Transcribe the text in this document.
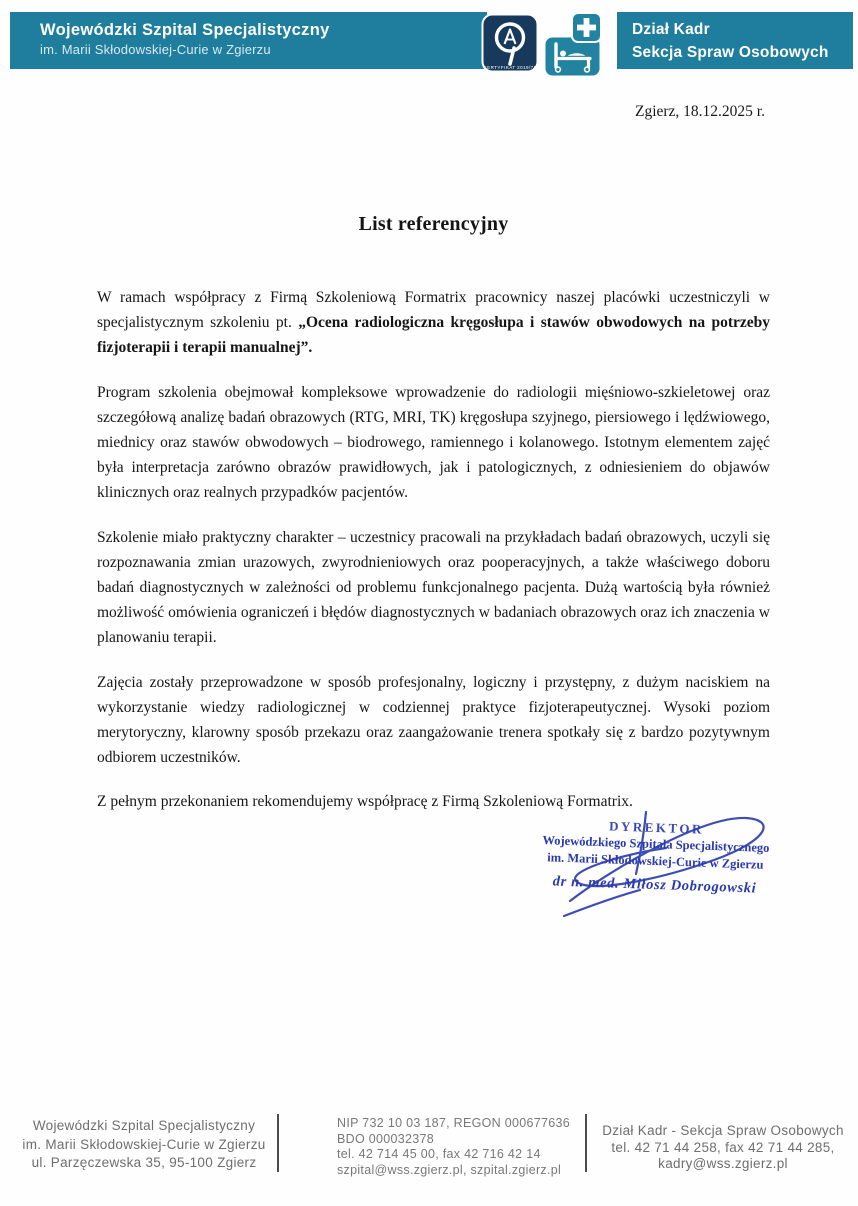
Wojewódzki Szpital Specjalistyczny
im. Marii Skłodowskiej-Curie w Zgierzu
CERTYFIKAT 2019/75
Dział Kadr
Sekcja Spraw Osobowych
Zgierz, 18.12.2025 r.
List referencyjny

W ramach współpracy z Firmą Szkoleniową Formatrix pracownicy naszej placówki uczestniczyli w specjalistycznym szkoleniu pt. „Ocena radiologiczna kręgosłupa i stawów obwodowych na potrzeby fizjoterapii i terapii manualnej”.

Program szkolenia obejmował kompleksowe wprowadzenie do radiologii mięśniowo-szkieletowej oraz szczegółową analizę badań obrazowych (RTG, MRI, TK) kręgosłupa szyjnego, piersiowego i lędźwiowego, miednicy oraz stawów obwodowych – biodrowego, ramiennego i kolanowego. Istotnym elementem zajęć była interpretacja zarówno obrazów prawidłowych, jak i patologicznych, z odniesieniem do objawów klinicznych oraz realnych przypadków pacjentów.

Szkolenie miało praktyczny charakter – uczestnicy pracowali na przykładach badań obrazowych, uczyli się rozpoznawania zmian urazowych, zwyrodnieniowych oraz pooperacyjnych, a także właściwego doboru badań diagnostycznych w zależności od problemu funkcjonalnego pacjenta. Dużą wartością była również możliwość omówienia ograniczeń i błędów diagnostycznych w badaniach obrazowych oraz ich znaczenia w planowaniu terapii.

Zajęcia zostały przeprowadzone w sposób profesjonalny, logiczny i przystępny, z dużym naciskiem na wykorzystanie wiedzy radiologicznej w codziennej praktyce fizjoterapeutycznej. Wysoki poziom merytoryczny, klarowny sposób przekazu oraz zaangażowanie trenera spotkały się z bardzo pozytywnym odbiorem uczestników.

Z pełnym przekonaniem rekomendujemy współpracę z Firmą Szkoleniową Formatrix.

DYREKTOR
Wojewódzkiego Szpitala Specjalistycznego
im. Marii Skłodowskiej-Curie w Zgierzu
dr n. med. Miłosz Dobrogowski
Wojewódzki Szpital Specjalistyczny
im. Marii Skłodowskiej-Curie w Zgierzu
ul. Parzęczewska 35, 95-100 Zgierz
NIP 732 10 03 187, REGON 000677636
BDO 000032378
tel. 42 714 45 00, fax 42 716 42 14
szpital@wss.zgierz.pl, szpital.zgierz.pl
Dział Kadr - Sekcja Spraw Osobowych
tel. 42 71 44 258, fax 42 71 44 285,
kadry@wss.zgierz.pl
